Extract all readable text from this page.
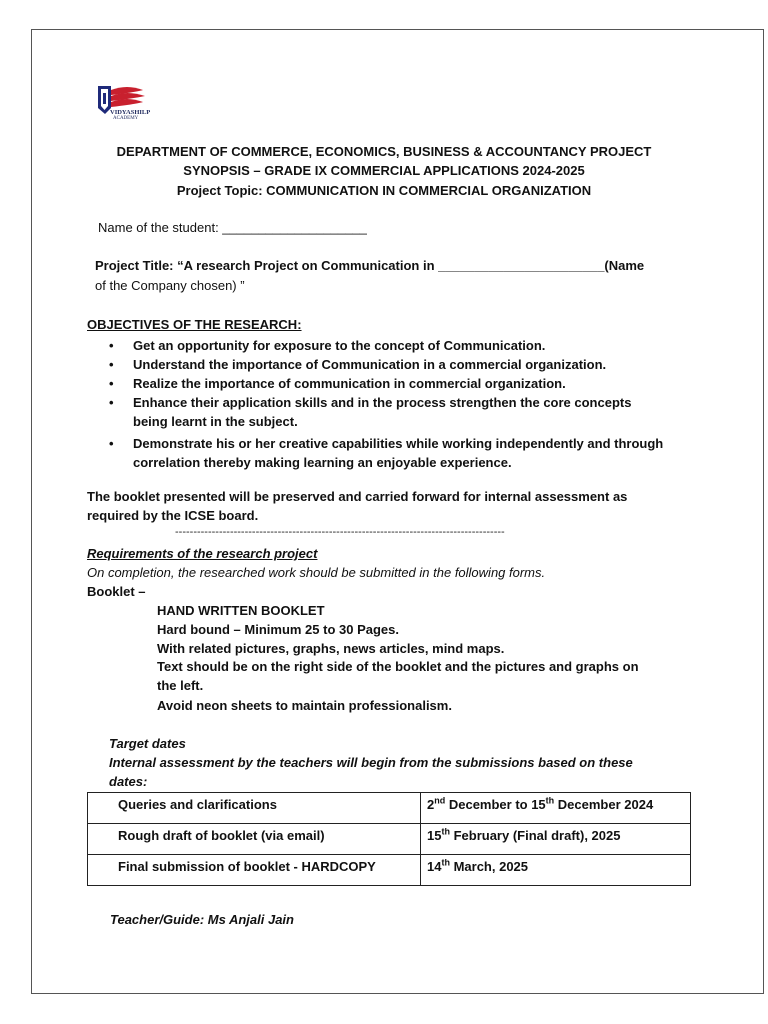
VIDYASHILP
ACADEMY
DEPARTMENT OF COMMERCE, ECONOMICS, BUSINESS & ACCOUNTANCY PROJECT
SYNOPSIS – GRADE IX COMMERCIAL APPLICATIONS 2024-2025
Project Topic: COMMUNICATION IN COMMERCIAL ORGANIZATION
Name of the student: ____________________
Project Title: “A research Project on Communication in _______________________(Name
of the Company chosen) ”
OBJECTIVES OF THE RESEARCH:
• Get an opportunity for exposure to the concept of Communication.
• Understand the importance of Communication in a commercial organization.
• Realize the importance of communication in commercial organization.
• Enhance their application skills and in the process strengthen the core concepts being learnt in the subject.
• Demonstrate his or her creative capabilities while working independently and through correlation thereby making learning an enjoyable experience.
The booklet presented will be preserved and carried forward for internal assessment as
required by the ICSE board.
------------------------------------------------------------------------------------------
Requirements of the research project
On completion, the researched work should be submitted in the following forms.
Booklet –
HAND WRITTEN BOOKLET
Hard bound – Minimum 25 to 30 Pages.
With related pictures, graphs, news articles, mind maps.
Text should be on the right side of the booklet and the pictures and graphs on
the left.
Avoid neon sheets to maintain professionalism.
Target dates
Internal assessment by the teachers will begin from the submissions based on these
dates:
Queries and clarifications	2nd December to 15th December 2024
Rough draft of booklet (via email)	15th February (Final draft), 2025
Final submission of booklet - HARDCOPY	14th March, 2025
Teacher/Guide: Ms Anjali Jain
